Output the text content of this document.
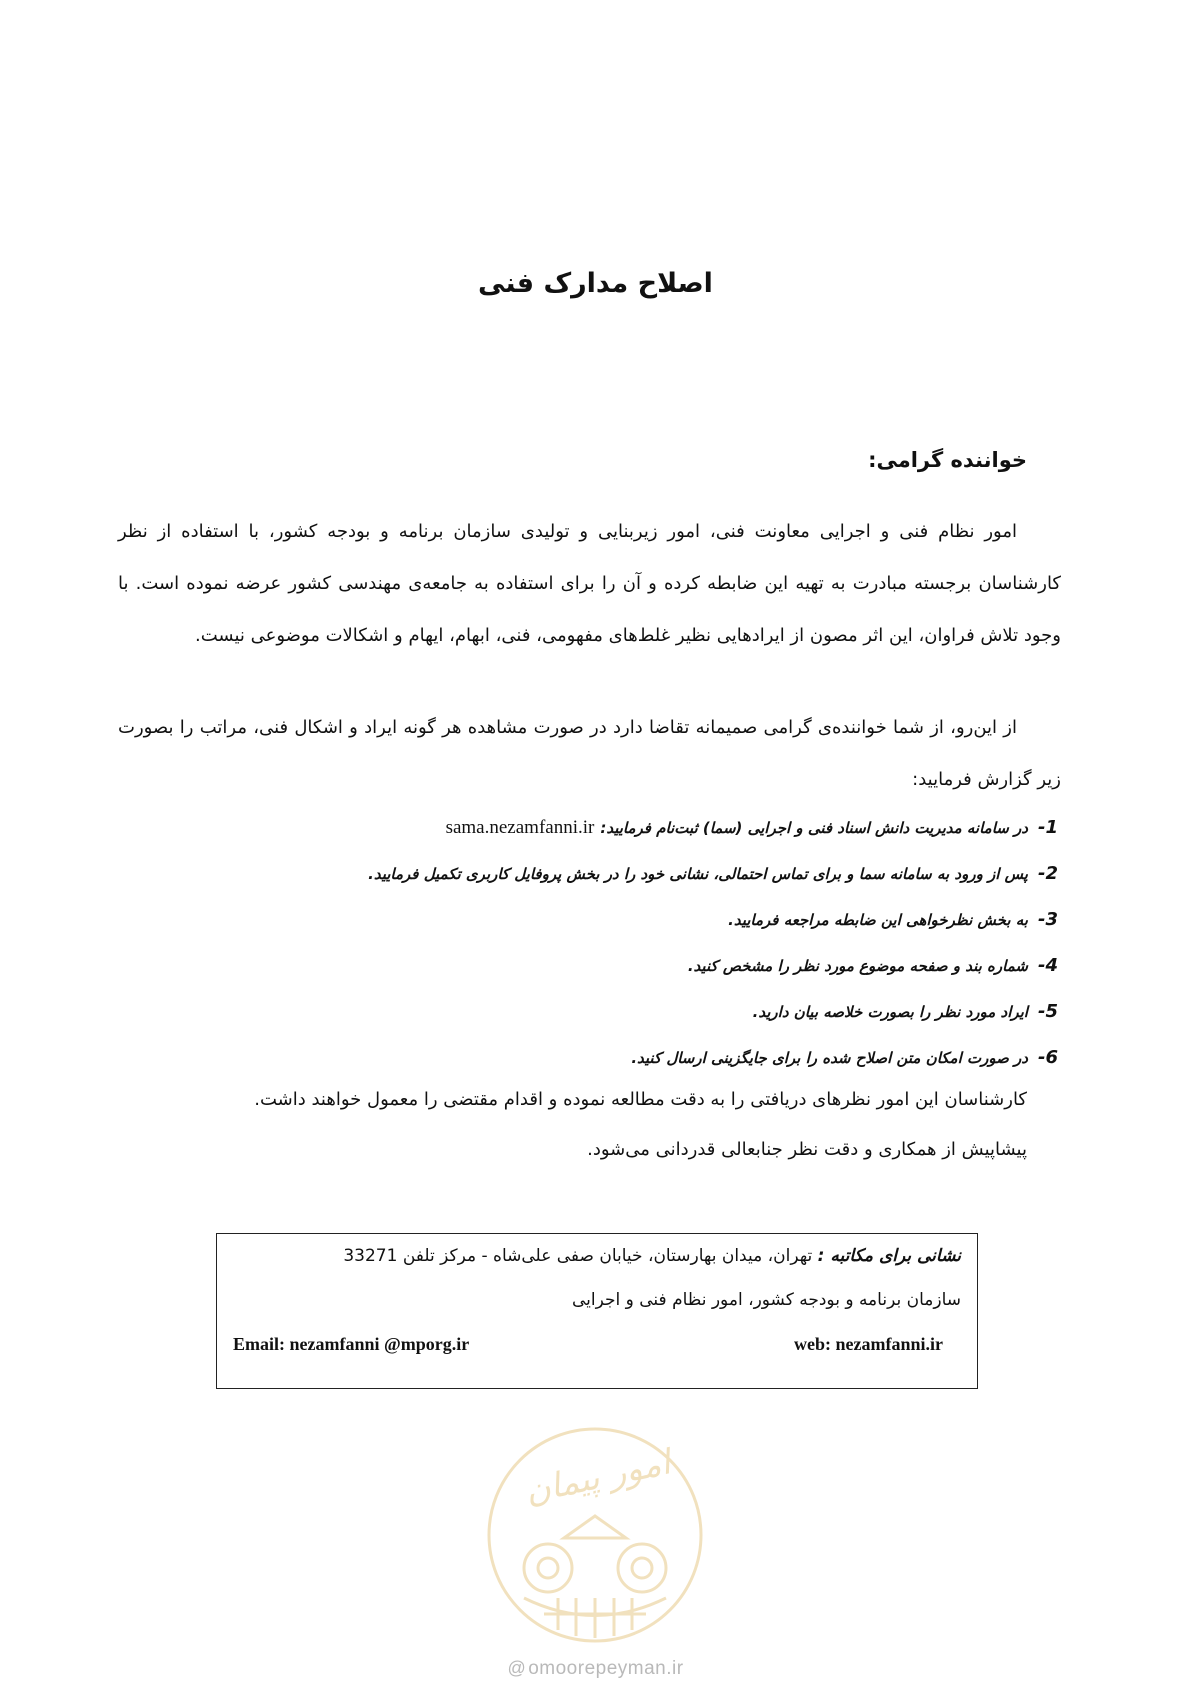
اصلاح مدارک فنی
خواننده گرامی:
امور نظام فنی و اجرایی معاونت فنی، امور زیربنایی و تولیدی سازمان برنامه و بودجه کشور، با استفاده از نظر کارشناسان برجسته مبادرت به تهیه این ضابطه کرده و آن را برای استفاده به جامعه‌ی مهندسی کشور عرضه نموده است. با وجود تلاش فراوان، این اثر مصون از ایرادهایی نظیر غلط‌های مفهومی، فنی، ابهام، ایهام و اشکالات موضوعی نیست.
از این‌رو، از شما خواننده‌ی گرامی صمیمانه تقاضا دارد در صورت مشاهده هر گونه ایراد و اشکال فنی، مراتب را بصورت زیر گزارش فرمایید:
1-در سامانه مدیریت دانش اسناد فنی و اجرایی (سما) ثبت‌نام فرمایید:sama.nezamfanni.ir
2-پس از ورود به سامانه سما و برای تماس احتمالی، نشانی خود را در بخش پروفایل کاربری تکمیل فرمایید.
3-به بخش نظرخواهی این ضابطه مراجعه فرمایید.
4-شماره بند و صفحه موضوع مورد نظر را مشخص کنید.
5-ایراد مورد نظر را بصورت خلاصه بیان دارید.
6-در صورت امکان متن اصلاح شده را برای جایگزینی ارسال کنید.
کارشناسان این امور نظرهای دریافتی را به دقت مطالعه نموده و اقدام مقتضی را معمول خواهند داشت.
پیشاپیش از همکاری و دقت نظر جنابعالی قدردانی می‌شود.
نشانی برای مکاتبه : تهران، میدان بهارستان، خیابان صفی علی‌شاه - مرکز تلفن 33271
سازمان برنامه و بودجه کشور، امور نظام فنی و اجرایی
Email: nezamfanni @mporg.ir	web: nezamfanni.ir
امور پیمان
@ omoorepeyman.ir
